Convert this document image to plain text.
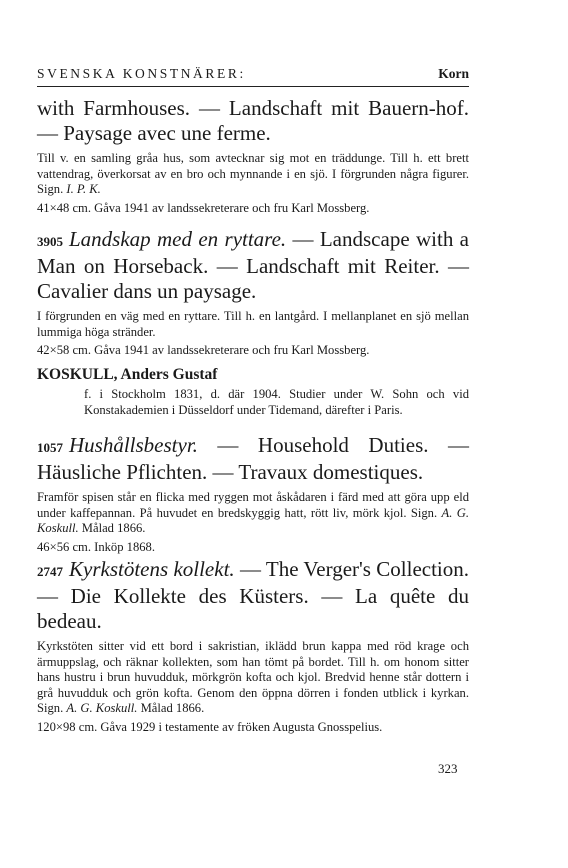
SVENSKA KONSTNÄRER:	Korn
with Farmhouses. — Landschaft mit Bauern-hof. — Paysage avec une ferme.
Till v. en samling gråa hus, som avtecknar sig mot en träddunge. Till h. ett brett vattendrag, överkorsat av en bro och mynnande i en sjö. I förgrunden några figurer. Sign. I. P. K.
41×48 cm. Gåva 1941 av landssekreterare och fru Karl Mossberg.
3905 Landskap med en ryttare. — Landscape with a Man on Horseback. — Landschaft mit Reiter. — Cavalier dans un paysage.
I förgrunden en väg med en ryttare. Till h. en lantgård. I mellanplanet en sjö mellan lummiga höga stränder.
42×58 cm. Gåva 1941 av landssekreterare och fru Karl Mossberg.
KOSKULL, Anders Gustaf
f. i Stockholm 1831, d. där 1904. Studier under W. Sohn och vid Konstakademien i Düsseldorf under Tidemand, därefter i Paris.
1057 Hushållsbestyr. — Household Duties. — Häusliche Pflichten. — Travaux domestiques.
Framför spisen står en flicka med ryggen mot åskådaren i färd med att göra upp eld under kaffepannan. På huvudet en bredskyggig hatt, rött liv, mörk kjol. Sign. A. G. Koskull. Målad 1866.
46×56 cm. Inköp 1868.
2747 Kyrkstötens kollekt. — The Verger's Collection. — Die Kollekte des Küsters. — La quête du bedeau.
Kyrkstöten sitter vid ett bord i sakristian, iklädd brun kappa med röd krage och ärmuppslag, och räknar kollekten, som han tömt på bordet. Till h. om honom sitter hans hustru i brun huvudduk, mörkgrön kofta och kjol. Bredvid henne står dottern i grå huvudduk och grön kofta. Genom den öppna dörren i fonden utblick i kyrkan. Sign. A. G. Koskull. Målad 1866.
120×98 cm. Gåva 1929 i testamente av fröken Augusta Gnosspelius.
323
